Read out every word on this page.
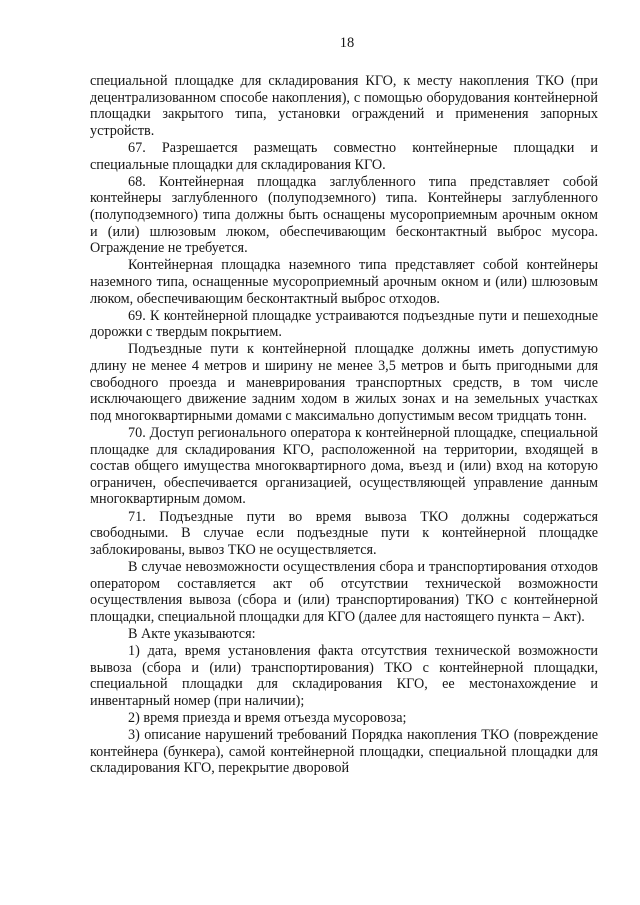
18

специальной площадке для складирования КГО, к месту накопления ТКО (при децентрализованном способе накопления), с помощью оборудования контейнерной площадки закрытого типа, установки ограждений и применения запорных устройств.

67. Разрешается размещать совместно контейнерные площадки и специальные площадки для складирования КГО.

68. Контейнерная площадка заглубленного типа представляет собой контейнеры заглубленного (полуподземного) типа. Контейнеры заглубленного (полуподземного) типа должны быть оснащены мусороприемным арочным окном и (или) шлюзовым люком, обеспечивающим бесконтактный выброс мусора. Ограждение не требуется.

Контейнерная площадка наземного типа представляет собой контейнеры наземного типа, оснащенные мусороприемный арочным окном и (или) шлюзовым люком, обеспечивающим бесконтактный выброс отходов.

69. К контейнерной площадке устраиваются подъездные пути и пешеходные дорожки с твердым покрытием.

Подъездные пути к контейнерной площадке должны иметь допустимую длину не менее 4 метров и ширину не менее 3,5 метров и быть пригодными для свободного проезда и маневрирования транспортных средств, в том числе исключающего движение задним ходом в жилых зонах и на земельных участках под многоквартирными домами с максимально допустимым весом тридцать тонн.

70. Доступ регионального оператора к контейнерной площадке, специальной площадке для складирования КГО, расположенной на территории, входящей в состав общего имущества многоквартирного дома, въезд и (или) вход на которую ограничен, обеспечивается организацией, осуществляющей управление данным многоквартирным домом.

71. Подъездные пути во время вывоза ТКО должны содержаться свободными. В случае если подъездные пути к контейнерной площадке заблокированы, вывоз ТКО не осуществляется.

В случае невозможности осуществления сбора и транспортирования отходов оператором составляется акт об отсутствии технической возможности осуществления вывоза (сбора и (или) транспортирования) ТКО с контейнерной площадки, специальной площадки для КГО (далее для настоящего пункта – Акт).

В Акте указываются:

1) дата, время установления факта отсутствия технической возможности вывоза (сбора и (или) транспортирования) ТКО с контейнерной площадки, специальной площадки для складирования КГО, ее местонахождение и инвентарный номер (при наличии);

2) время приезда и время отъезда мусоровоза;

3) описание нарушений требований Порядка накопления ТКО (повреждение контейнера (бункера), самой контейнерной площадки, специальной площадки для складирования КГО, перекрытие дворовой
